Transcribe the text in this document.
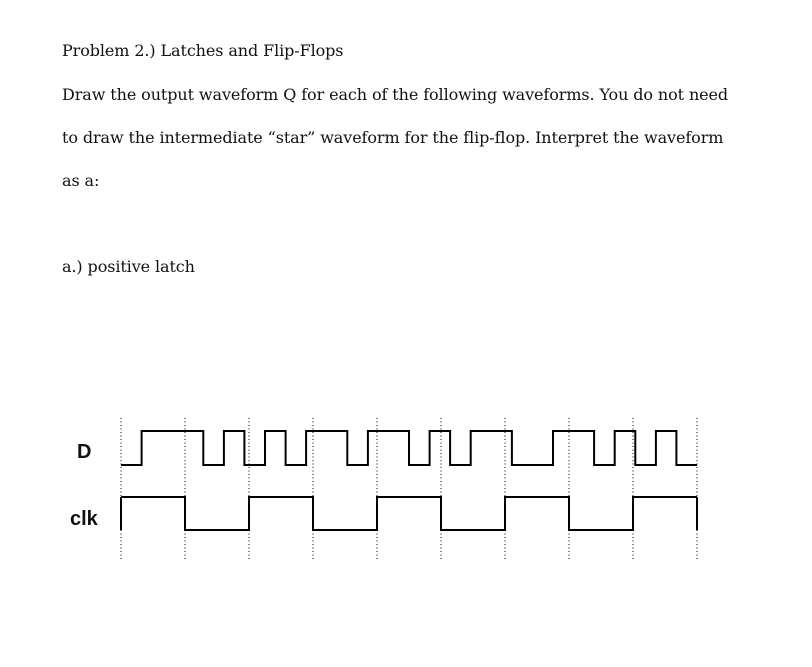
Problem 2.) Latches and Flip-Flops
Draw the output waveform Q for each of the following waveforms. You do not need
to draw the intermediate “star” waveform for the flip-flop. Interpret the waveform
as a:
a.) positive latch
D
clk
